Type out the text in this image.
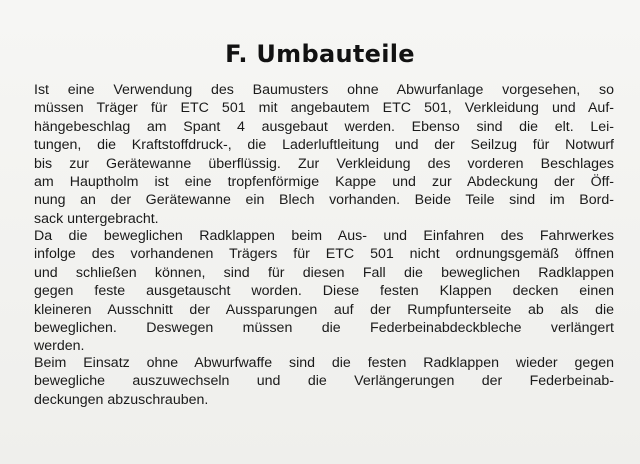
F. Umbauteile
Ist eine Verwendung des Baumusters ohne Abwurfanlage vorgesehen, so
müssen Träger für ETC 501 mit angebautem ETC 501, Verkleidung und Auf-
hängebeschlag am Spant 4 ausgebaut werden. Ebenso sind die elt. Lei-
tungen, die Kraftstoffdruck-, die Laderluftleitung und der Seilzug für Notwurf
bis zur Gerätewanne überflüssig. Zur Verkleidung des vorderen Beschlages
am Hauptholm ist eine tropfenförmige Kappe und zur Abdeckung der Öff-
nung an der Gerätewanne ein Blech vorhanden. Beide Teile sind im Bord-
sack untergebracht.
Da die beweglichen Radklappen beim Aus- und Einfahren des Fahrwerkes
infolge des vorhandenen Trägers für ETC 501 nicht ordnungsgemäß öffnen
und schließen können, sind für diesen Fall die beweglichen Radklappen
gegen feste ausgetauscht worden. Diese festen Klappen decken einen
kleineren Ausschnitt der Aussparungen auf der Rumpfunterseite ab als die
beweglichen. Deswegen müssen die Federbeinabdeckbleche verlängert
werden.
Beim Einsatz ohne Abwurfwaffe sind die festen Radklappen wieder gegen
bewegliche auszuwechseln und die Verlängerungen der Federbeinab-
deckungen abzuschrauben.
